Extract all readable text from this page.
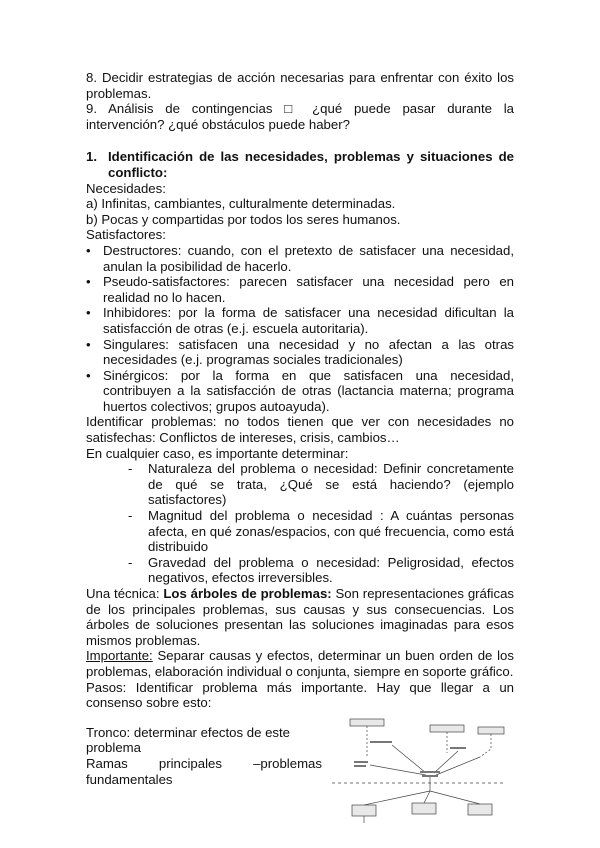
8. Decidir estrategias de acción necesarias para enfrentar con éxito los problemas.

9. Análisis de contingencias □ ¿qué puede pasar durante la intervención? ¿qué obstáculos puede haber?

1. Identificación de las necesidades, problemas y situaciones de conflicto:

Necesidades:

a) Infinitas, cambiantes, culturalmente determinadas.

b) Pocas y compartidas por todos los seres humanos.

Satisfactores:

• Destructores: cuando, con el pretexto de satisfacer una necesidad, anulan la posibilidad de hacerlo.
• Pseudo-satisfactores: parecen satisfacer una necesidad pero en realidad no lo hacen.
• Inhibidores: por la forma de satisfacer una necesidad dificultan la satisfacción de otras (e.j. escuela autoritaria).
• Singulares: satisfacen una necesidad y no afectan a las otras necesidades (e.j. programas sociales tradicionales)
• Sinérgicos: por la forma en que satisfacen una necesidad, contribuyen a la satisfacción de otras (lactancia materna; programa huertos colectivos; grupos autoayuda).

Identificar problemas: no todos tienen que ver con necesidades no satisfechas: Conflictos de intereses, crisis, cambios…

En cualquier caso, es importante determinar:

-	Naturaleza del problema o necesidad: Definir concretamente de qué se trata, ¿Qué se está haciendo? (ejemplo satisfactores)
-	Magnitud del problema o necesidad : A cuántas personas afecta, en qué zonas/espacios, con qué frecuencia, como está distribuido
-	Gravedad del problema o necesidad: Peligrosidad, efectos negativos, efectos irreversibles.

Una técnica: Los árboles de problemas: Son representaciones gráficas de los principales problemas, sus causas y sus consecuencias. Los árboles de soluciones presentan las soluciones imaginadas para esos mismos problemas.

Importante: Separar causas y efectos, determinar un buen orden de los problemas, elaboración individual o conjunta, siempre en soporte gráfico.

Pasos: Identificar problema más importante. Hay que llegar a un consenso sobre esto:

Tronco: determinar efectos de este

problema

Ramas principales –problemas

fundamentales
